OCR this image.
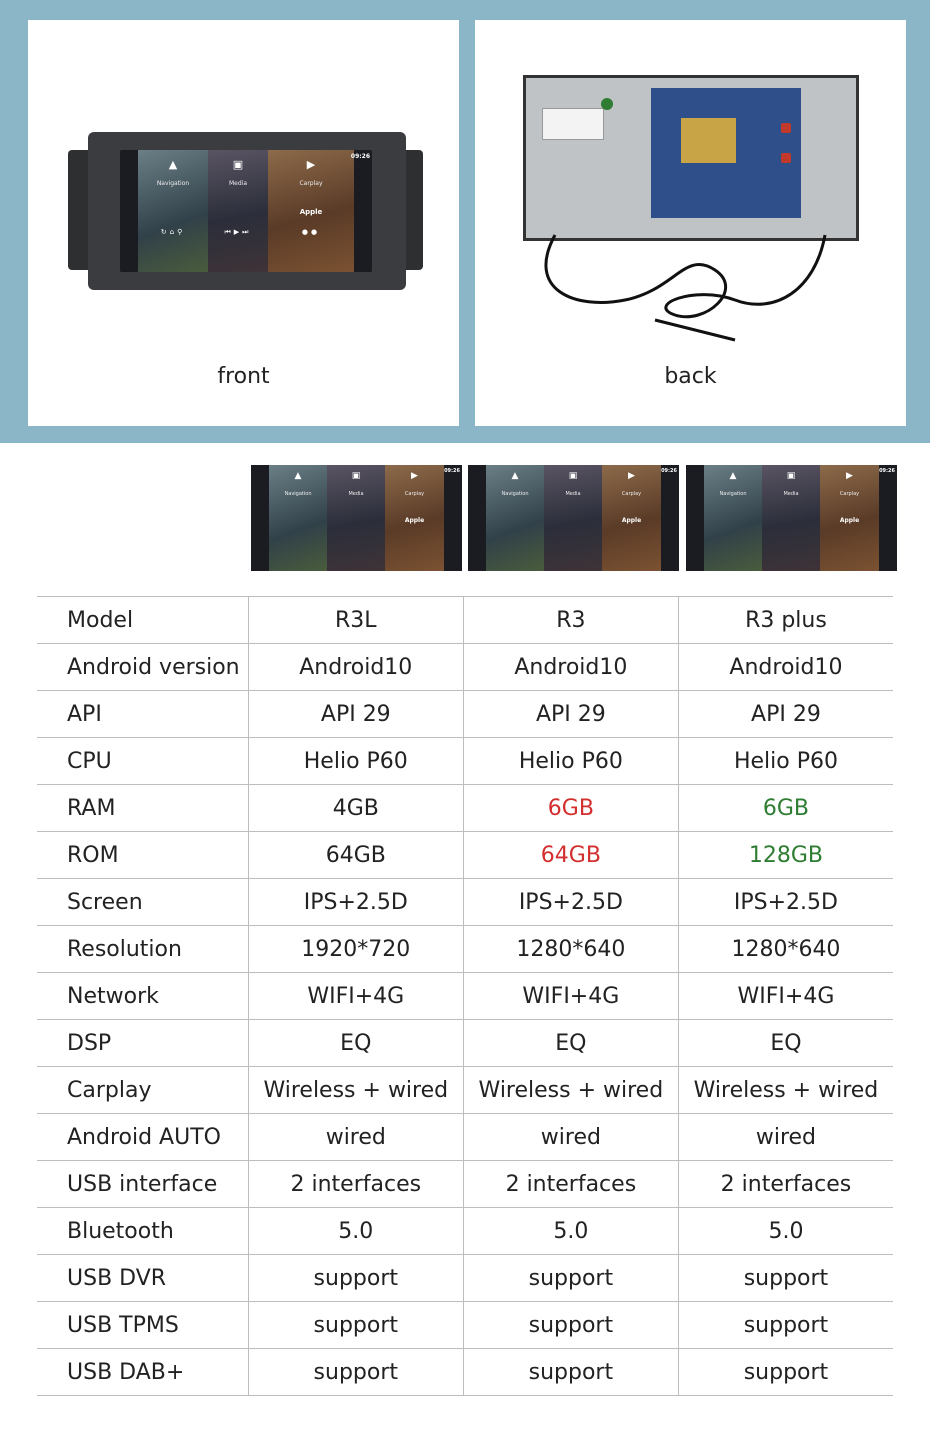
▲
Navigation
↻⌂⚲
▣
Media
⏮▶⏭
▶
Carplay
Apple
●●
09:26
front	back
▲
Navigation
▣
Media
▶
Carplay
Apple
09:26	▲
Navigation
▣
Media
▶
Carplay
Apple
09:26	▲
Navigation
▣
Media
▶
Carplay
Apple
09:26
Model	R3L	R3	R3 plus
Android version	Android10	Android10	Android10
API	API 29	API 29	API 29
CPU	Helio P60	Helio P60	Helio P60
RAM	4GB	6GB	6GB
ROM	64GB	64GB	128GB
Screen	IPS+2.5D	IPS+2.5D	IPS+2.5D
Resolution	1920*720	1280*640	1280*640
Network	WIFI+4G	WIFI+4G	WIFI+4G
DSP	EQ	EQ	EQ
Carplay	Wireless + wired	Wireless + wired	Wireless + wired
Android AUTO	wired	wired	wired
USB interface	2 interfaces	2 interfaces	2 interfaces
Bluetooth	5.0	5.0	5.0
USB DVR	support	support	support
USB TPMS	support	support	support
USB DAB+	support	support	support
